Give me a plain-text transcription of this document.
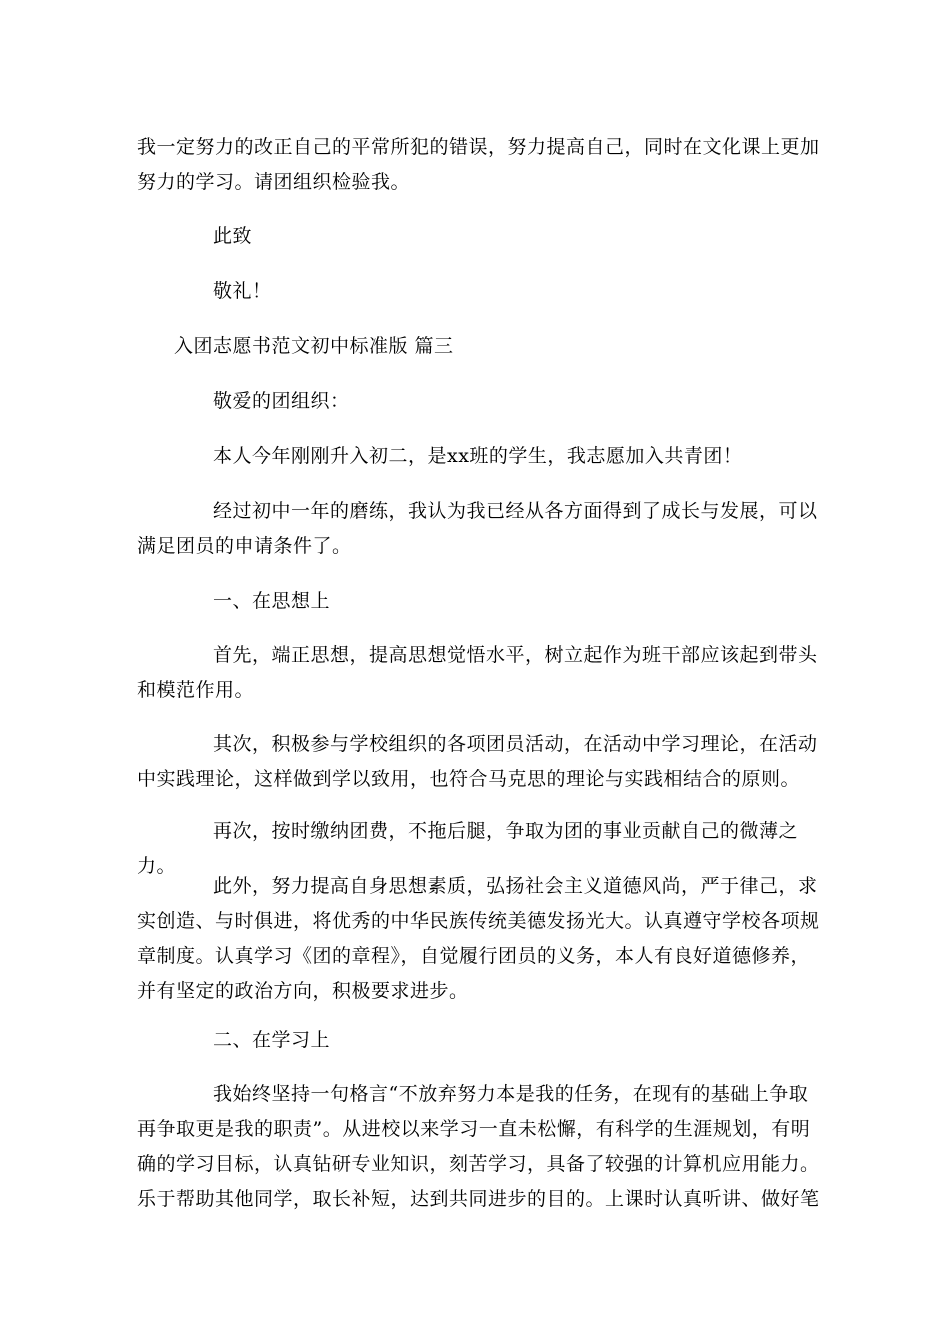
我一定努力的改正自己的平常所犯的错误，努力提高自己，同时在文化课上更加努力的学习。请团组织检验我。

此致

敬礼！

入团志愿书范文初中标准版 篇三

敬爱的团组织：

本人今年刚刚升入初二，是xx班的学生，我志愿加入共青团！

经过初中一年的磨练，我认为我已经从各方面得到了成长与发展，可以满足团员的申请条件了。

一、在思想上

首先，端正思想，提高思想觉悟水平，树立起作为班干部应该起到带头和模范作用。

其次，积极参与学校组织的各项团员活动，在活动中学习理论，在活动中实践理论，这样做到学以致用，也符合马克思的理论与实践相结合的原则。

再次，按时缴纳团费，不拖后腿，争取为团的事业贡献自己的微薄之力。

此外，努力提高自身思想素质，弘扬社会主义道德风尚，严于律己，求实创造、与时俱进，将优秀的中华民族传统美德发扬光大。认真遵守学校各项规章制度。认真学习《团的章程》，自觉履行团员的义务，本人有良好道德修养，并有坚定的政治方向，积极要求进步。

二、在学习上

我始终坚持一句格言“不放弃努力本是我的任务，在现有的基础上争取再争取更是我的职责”。从进校以来学习一直未松懈，有科学的生涯规划，有明确的学习目标，认真钻研专业知识，刻苦学习，具备了较强的计算机应用能力。乐于帮助其他同学，取长补短，达到共同进步的目的。上课时认真听讲、做好笔
